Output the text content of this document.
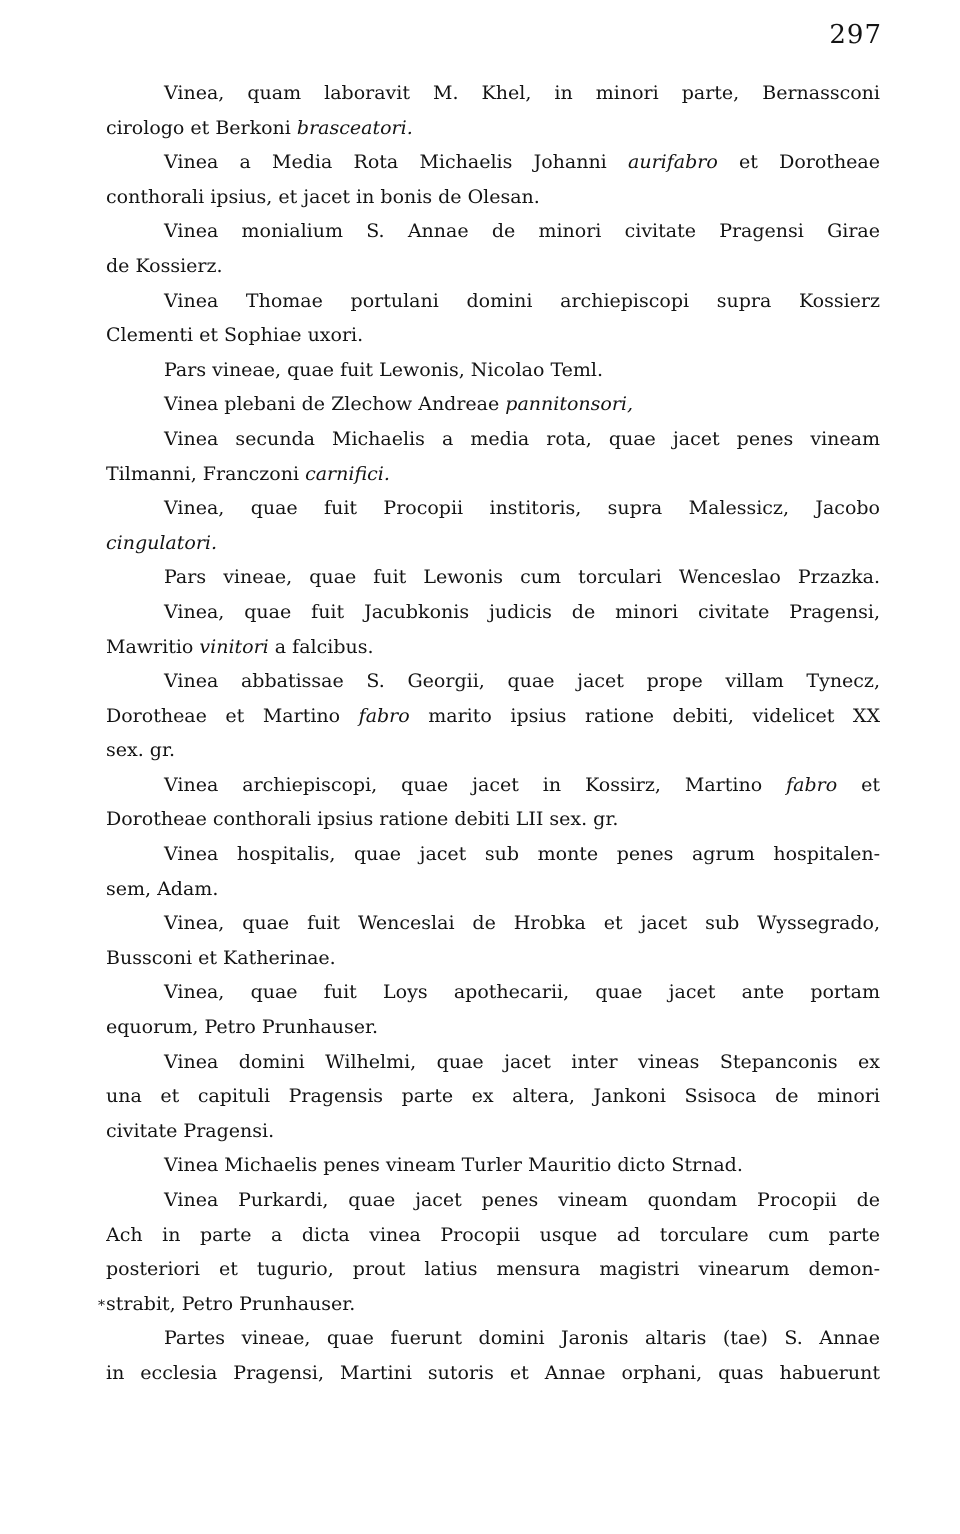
297
*
Vinea, quam laboravit M. Khel, in minori parte, Bernassconi
cirologo et Berkoni brasceatori.
Vinea a Media Rota Michaelis Johanni aurifabro et Dorotheae
conthorali ipsius, et jacet in bonis de Olesan.
Vinea monialium S. Annae de minori civitate Pragensi Girae
de Kossierz.
Vinea Thomae portulani domini archiepiscopi supra Kossierz
Clementi et Sophiae uxori.
Pars vineae, quae fuit Lewonis, Nicolao Teml.
Vinea plebani de Zlechow Andreae pannitonsori,
Vinea secunda Michaelis a media rota, quae jacet penes vineam
Tilmanni, Franczoni carnifici.
Vinea, quae fuit Procopii institoris, supra Malessicz, Jacobo
cingulatori.
Pars vineae, quae fuit Lewonis cum torculari Wenceslao Przazka.
Vinea, quae fuit Jacubkonis judicis de minori civitate Pragensi,
Mawritio vinitori a falcibus.
Vinea abbatissae S. Georgii, quae jacet prope villam Tynecz,
Dorotheae et Martino fabro marito ipsius ratione debiti, videlicet XX
sex. gr.
Vinea archiepiscopi, quae jacet in Kossirz, Martino fabro et
Dorotheae conthorali ipsius ratione debiti LII sex. gr.
Vinea hospitalis, quae jacet sub monte penes agrum hospitalen-
sem, Adam.
Vinea, quae fuit Wenceslai de Hrobka et jacet sub Wyssegrado,
Bussconi et Katherinae.
Vinea, quae fuit Loys apothecarii, quae jacet ante portam
equorum, Petro Prunhauser.
Vinea domini Wilhelmi, quae jacet inter vineas Stepanconis ex
una et capituli Pragensis parte ex altera, Jankoni Ssisoca de minori
civitate Pragensi.
Vinea Michaelis penes vineam Turler Mauritio dicto Strnad.
Vinea Purkardi, quae jacet penes vineam quondam Procopii de
Ach in parte a dicta vinea Procopii usque ad torculare cum parte
posteriori et tugurio, prout latius mensura magistri vinearum demon-
strabit, Petro Prunhauser.
Partes vineae, quae fuerunt domini Jaronis altaris (tae) S. Annae
in ecclesia Pragensi, Martini sutoris et Annae orphani, quas habuerunt
